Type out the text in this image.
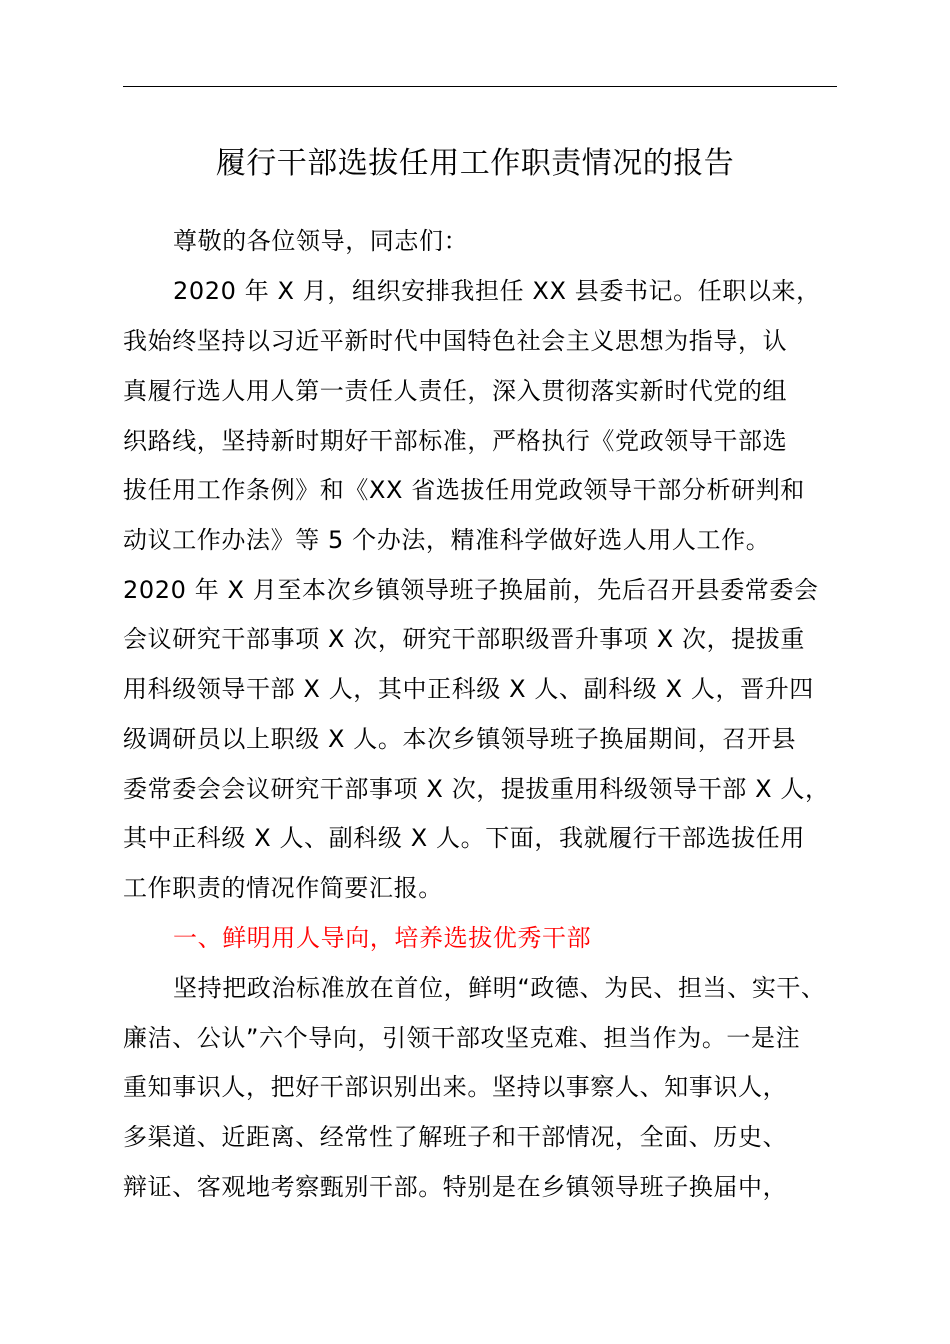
履行干部选拔任用工作职责情况的报告
尊敬的各位领导，同志们：
2020 年 X 月，组织安排我担任 XX 县委书记。任职以来，
我始终坚持以习近平新时代中国特色社会主义思想为指导，认
真履行选人用人第一责任人责任，深入贯彻落实新时代党的组
织路线，坚持新时期好干部标准，严格执行《党政领导干部选
拔任用工作条例》和《XX 省选拔任用党政领导干部分析研判和
动议工作办法》等 5 个办法，精准科学做好选人用人工作。
2020 年 X 月至本次乡镇领导班子换届前，先后召开县委常委会
会议研究干部事项 X 次，研究干部职级晋升事项 X 次，提拔重
用科级领导干部 X 人，其中正科级 X 人、副科级 X 人，晋升四
级调研员以上职级 X 人。本次乡镇领导班子换届期间，召开县
委常委会会议研究干部事项 X 次，提拔重用科级领导干部 X 人，
其中正科级 X 人、副科级 X 人。下面，我就履行干部选拔任用
工作职责的情况作简要汇报。
一、鲜明用人导向，培养选拔优秀干部
坚持把政治标准放在首位，鲜明“政德、为民、担当、实干、
廉洁、公认”六个导向，引领干部攻坚克难、担当作为。一是注
重知事识人，把好干部识别出来。坚持以事察人、知事识人，
多渠道、近距离、经常性了解班子和干部情况，全面、历史、
辩证、客观地考察甄别干部。特别是在乡镇领导班子换届中，
